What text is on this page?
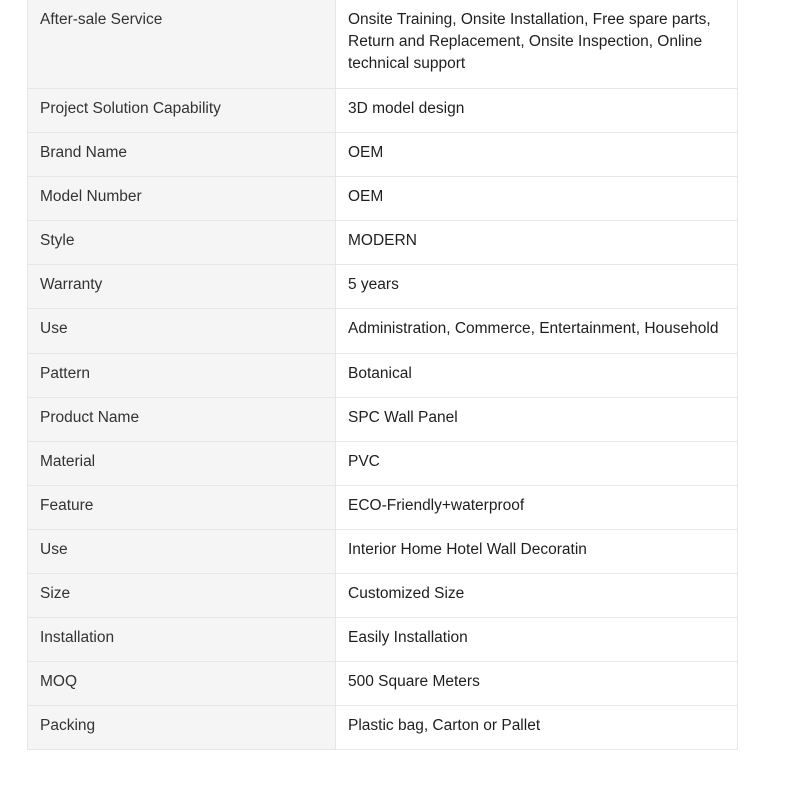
After-sale Service	Onsite Training, Onsite Installation, Free spare parts, Return and Replacement, Onsite Inspection, Online technical support
Project Solution Capability	3D model design
Brand Name	OEM
Model Number	OEM
Style	MODERN
Warranty	5 years
Use	Administration, Commerce, Entertainment, Household
Pattern	Botanical
Product Name	SPC Wall Panel
Material	PVC
Feature	ECO-Friendly+waterproof
Use	Interior Home Hotel Wall Decoratin
Size	Customized Size
Installation	Easily Installation
MOQ	500 Square Meters
Packing	Plastic bag, Carton or Pallet
